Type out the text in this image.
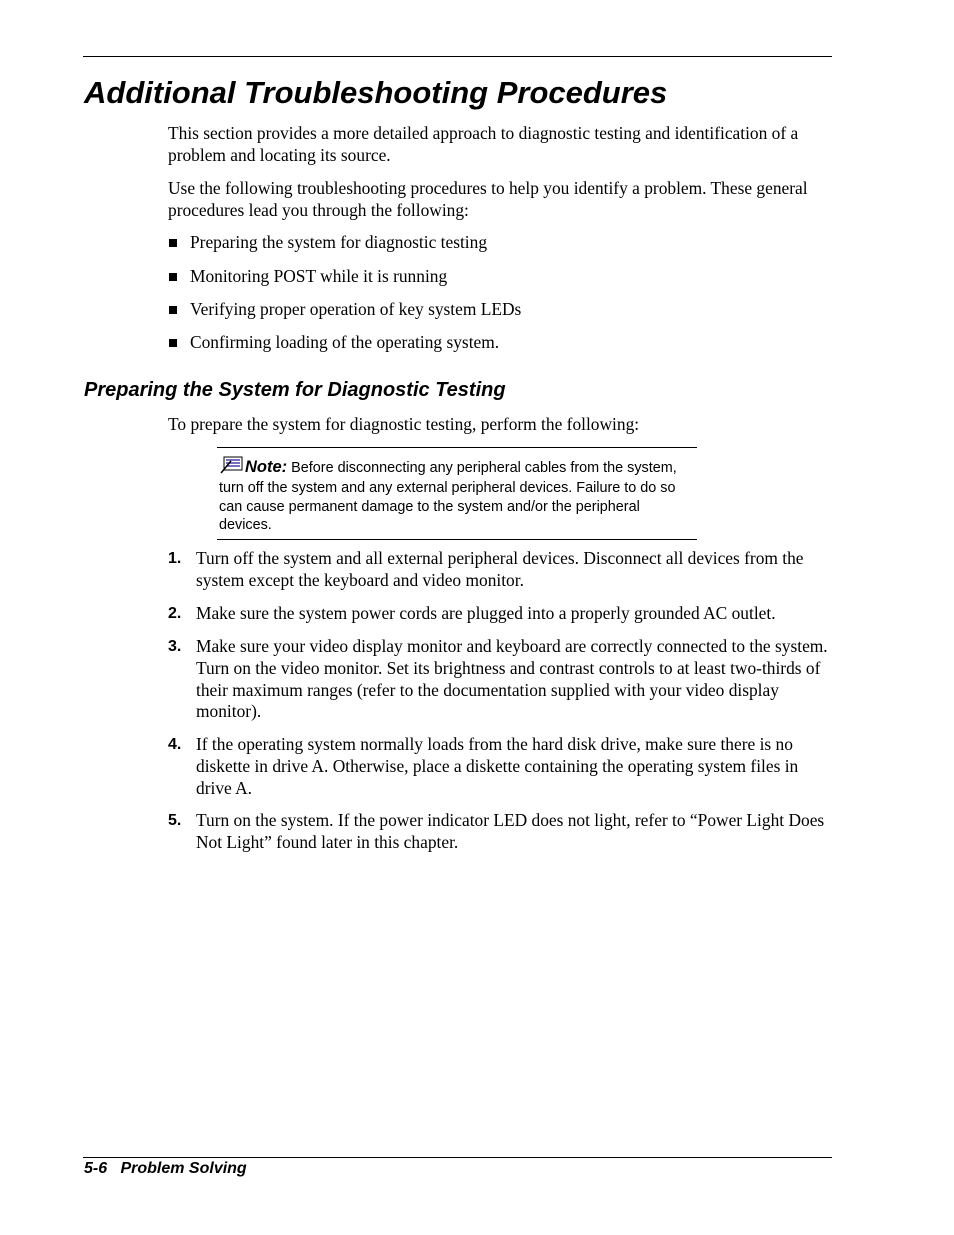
Additional Troubleshooting Procedures

This section provides a more detailed approach to diagnostic testing and identification of a problem and locating its source.

Use the following troubleshooting procedures to help you identify a problem. These general procedures lead you through the following:

Preparing the system for diagnostic testing
Monitoring POST while it is running
Verifying proper operation of key system LEDs
Confirming loading of the operating system.
Preparing the System for Diagnostic Testing

To prepare the system for diagnostic testing, perform the following:

Note: Before disconnecting any peripheral cables from the system, turn off the system and any external peripheral devices. Failure to do so can cause permanent damage to the system and/or the peripheral devices.

1. Turn off the system and all external peripheral devices. Disconnect all devices from the system except the keyboard and video monitor.

2. Make sure the system power cords are plugged into a properly grounded AC outlet.

3. Make sure your video display monitor and keyboard are correctly connected to the system. Turn on the video monitor. Set its brightness and contrast controls to at least two-thirds of their maximum ranges (refer to the documentation supplied with your video display monitor).

4. If the operating system normally loads from the hard disk drive, make sure there is no diskette in drive A. Otherwise, place a diskette containing the operating system files in drive A.

5. Turn on the system. If the power indicator LED does not light, refer to “Power Light Does Not Light” found later in this chapter.

5-6   Problem Solving
